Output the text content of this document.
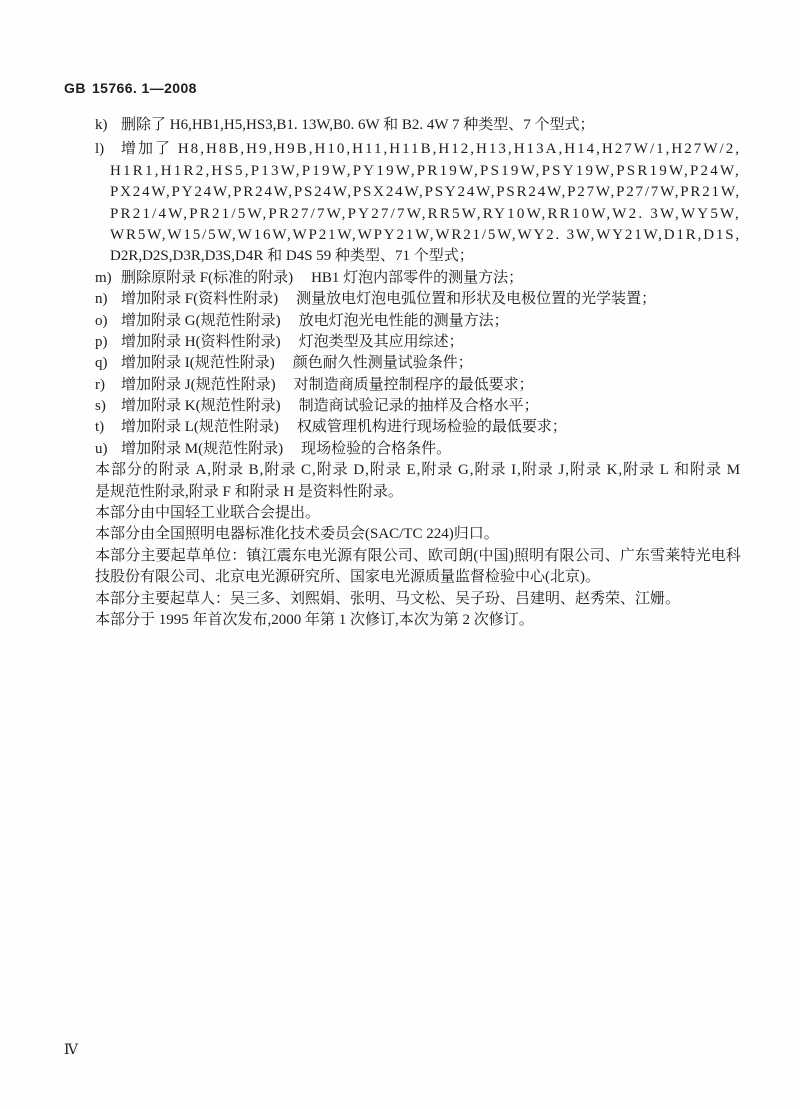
GB 15766. 1—2008
k) 删除了 H6,HB1,H5,HS3,B1. 13W,B0. 6W 和 B2. 4W 7 种类型、7 个型式；
l) 增加了 H8,H8B,H9,H9B,H10,H11,H11B,H12,H13,H13A,H14,H27W/1,H27W/2,
H1R1,H1R2,HS5,P13W,P19W,PY19W,PR19W,PS19W,PSY19W,PSR19W,P24W,
PX24W,PY24W,PR24W,PS24W,PSX24W,PSY24W,PSR24W,P27W,P27/7W,PR21W,
PR21/4W,PR21/5W,PR27/7W,PY27/7W,RR5W,RY10W,RR10W,W2. 3W,WY5W,
WR5W,W15/5W,W16W,WP21W,WPY21W,WR21/5W,WY2. 3W,WY21W,D1R,D1S,
D2R,D2S,D3R,D3S,D4R 和 D4S 59 种类型、71 个型式；
m) 删除原附录 F(标准的附录) HB1 灯泡内部零件的测量方法；
n) 增加附录 F(资料性附录) 测量放电灯泡电弧位置和形状及电极位置的光学装置；
o) 增加附录 G(规范性附录) 放电灯泡光电性能的测量方法；
p) 增加附录 H(资料性附录) 灯泡类型及其应用综述；
q) 增加附录 I(规范性附录) 颜色耐久性测量试验条件；
r) 增加附录 J(规范性附录) 对制造商质量控制程序的最低要求；
s) 增加附录 K(规范性附录) 制造商试验记录的抽样及合格水平；
t) 增加附录 L(规范性附录) 权威管理机构进行现场检验的最低要求；
u) 增加附录 M(规范性附录) 现场检验的合格条件。
本部分的附录 A,附录 B,附录 C,附录 D,附录 E,附录 G,附录 I,附录 J,附录 K,附录 L 和附录 M
是规范性附录,附录 F 和附录 H 是资料性附录。
本部分由中国轻工业联合会提出。
本部分由全国照明电器标准化技术委员会(SAC/TC 224)归口。
本部分主要起草单位：镇江震东电光源有限公司、欧司朗(中国)照明有限公司、广东雪莱特光电科
技股份有限公司、北京电光源研究所、国家电光源质量监督检验中心(北京)。
本部分主要起草人：吴三多、刘熙娟、张明、马文松、吴子玢、吕建明、赵秀荣、江姗。
本部分于 1995 年首次发布,2000 年第 1 次修订,本次为第 2 次修订。
Ⅳ
